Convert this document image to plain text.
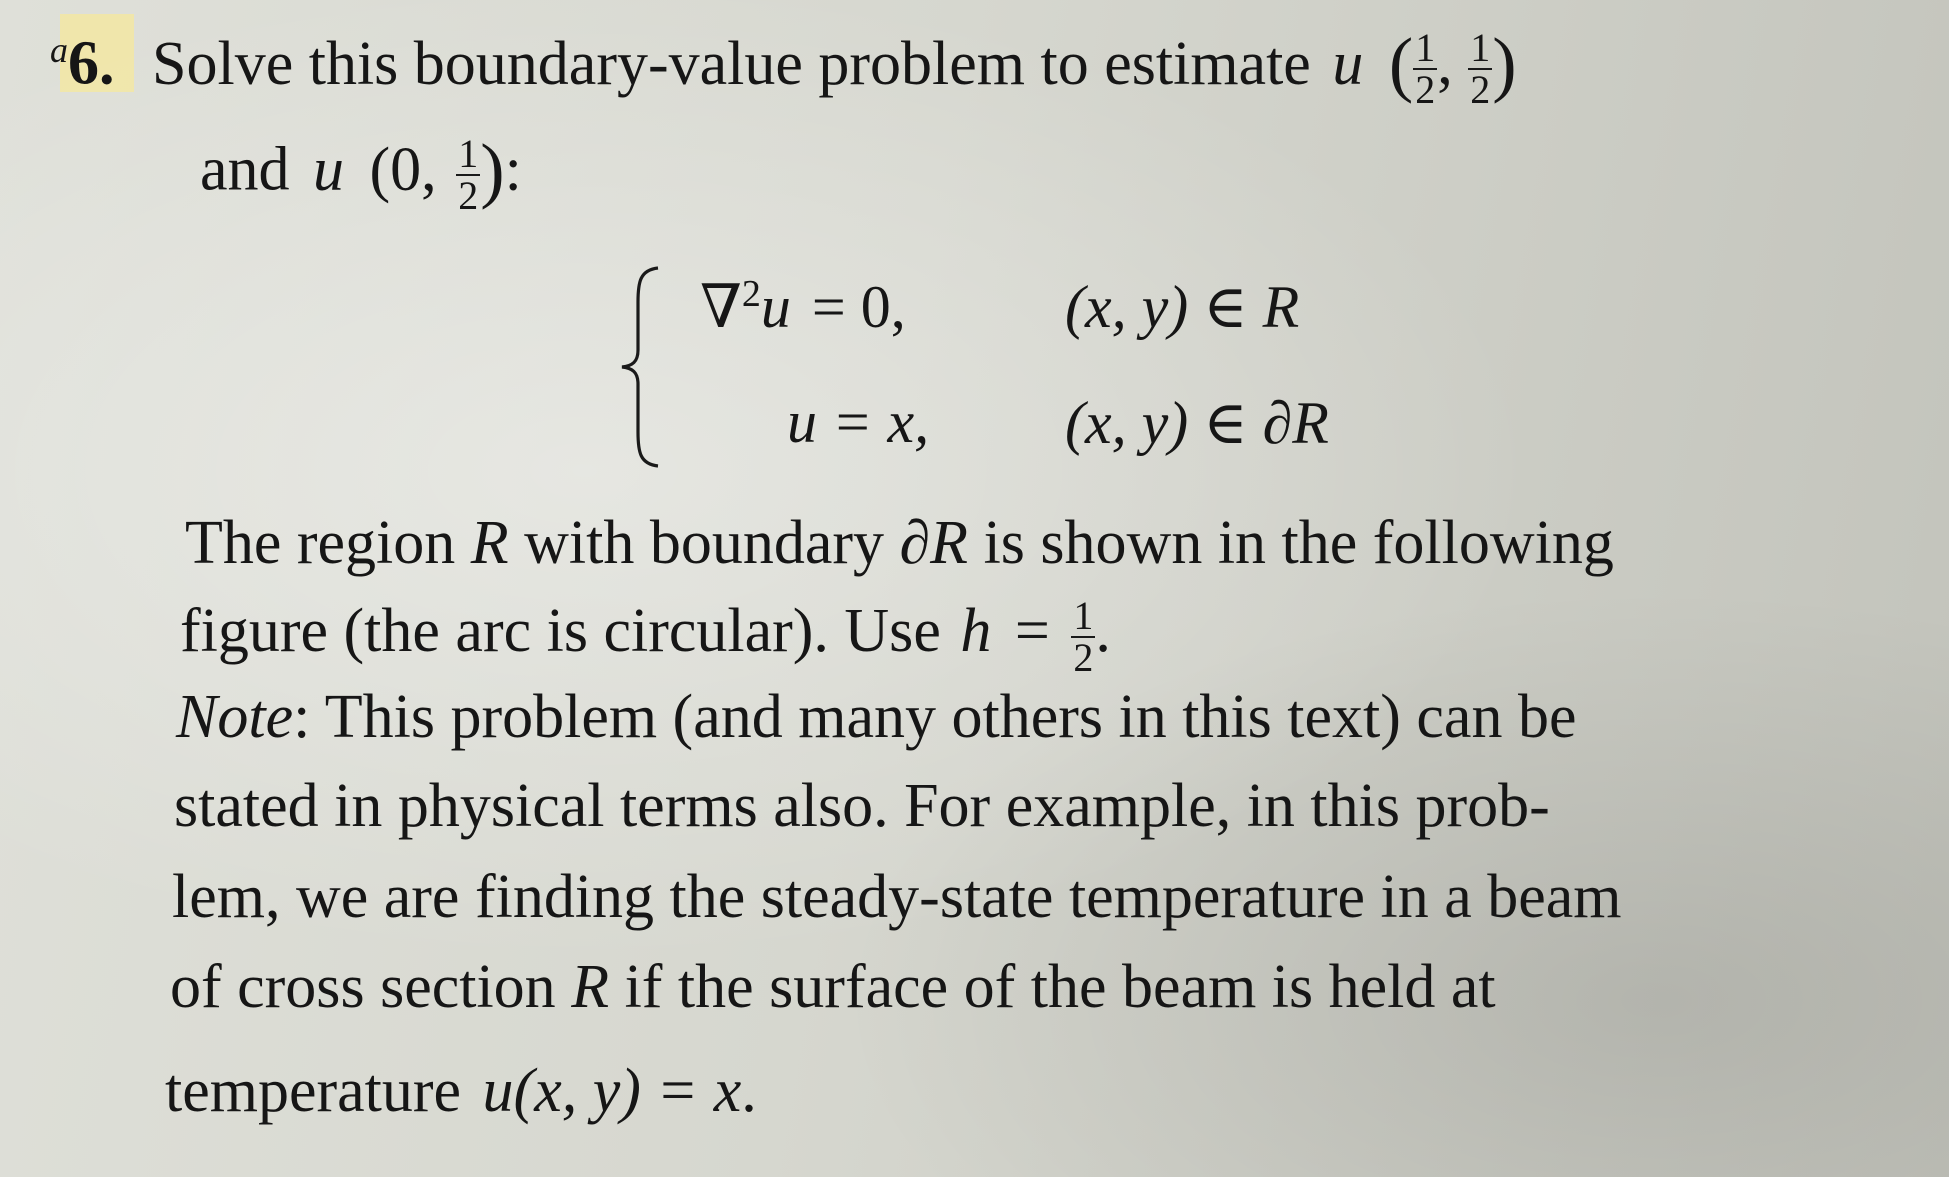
$^a$6. Solve this boundary-value problem to estimate u ( $\frac{1}{2}$ , $\frac{1}{2}$ )
and u (0, $\frac{1}{2}$ ):
∇$^2$u = 0,	(x, y) ∈ R
u = x, (x, y) ∈ ∂R
The region R with boundary ∂R is shown in the following
figure (the arc is circular). Use $h = \frac{1}{2}$ .
Note: This problem (and many others in this text) can be
stated in physical terms also. For example, in this prob-
lem, we are finding the steady-state temperature in a beam
of cross section R if the surface of the beam is held at
temperature u(x, y) = x.
